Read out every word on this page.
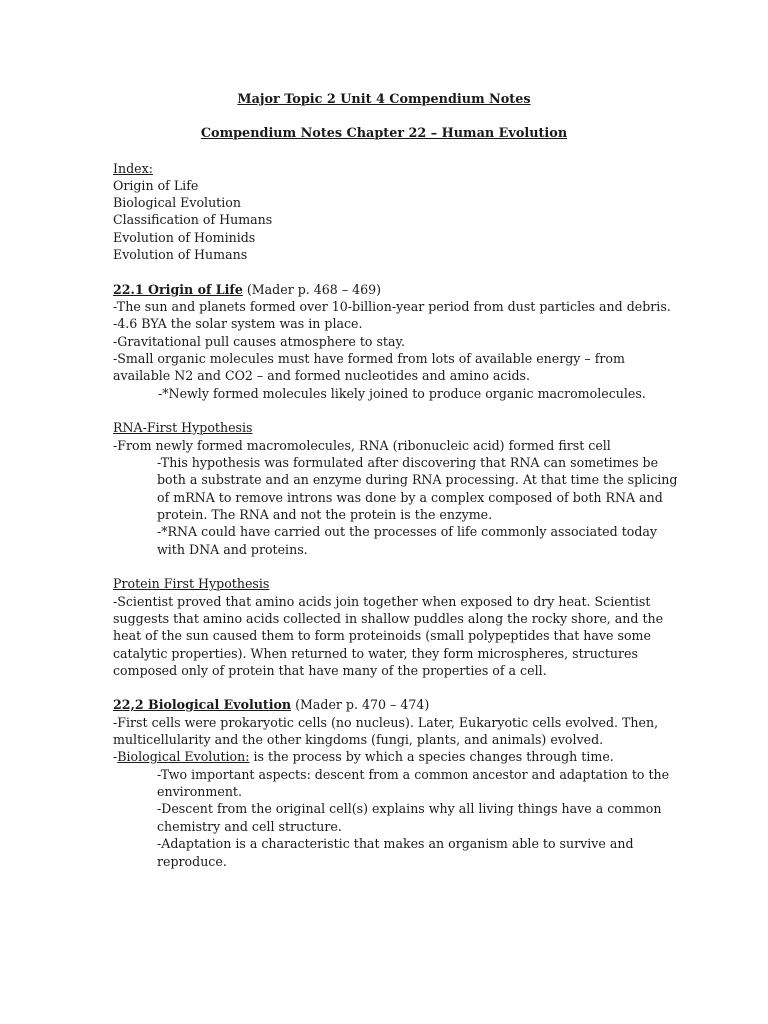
Major Topic 2 Unit 4 Compendium Notes
Compendium Notes Chapter 22 – Human Evolution
Index:
Origin of Life
Biological Evolution
Classification of Humans
Evolution of Hominids
Evolution of Humans
22.1 Origin of Life (Mader p. 468 – 469)
-The sun and planets formed over 10-billion-year period from dust particles and debris.
-4.6 BYA the solar system was in place.
-Gravitational pull causes atmosphere to stay.
-Small organic molecules must have formed from lots of available energy – from
available N2 and CO2 – and formed nucleotides and amino acids.
-*Newly formed molecules likely joined to produce organic macromolecules.
RNA-First Hypothesis
-From newly formed macromolecules, RNA (ribonucleic acid) formed first cell
-This hypothesis was formulated after discovering that RNA can sometimes be
both a substrate and an enzyme during RNA processing. At that time the splicing
of mRNA to remove introns was done by a complex composed of both RNA and
protein. The RNA and not the protein is the enzyme.
-*RNA could have carried out the processes of life commonly associated today
with DNA and proteins.
Protein First Hypothesis
-Scientist proved that amino acids join together when exposed to dry heat. Scientist
suggests that amino acids collected in shallow puddles along the rocky shore, and the
heat of the sun caused them to form proteinoids (small polypeptides that have some
catalytic properties). When returned to water, they form microspheres, structures
composed only of protein that have many of the properties of a cell.
22,2 Biological Evolution (Mader p. 470 – 474)
-First cells were prokaryotic cells (no nucleus). Later, Eukaryotic cells evolved. Then,
multicellularity and the other kingdoms (fungi, plants, and animals) evolved.
-Biological Evolution: is the process by which a species changes through time.
-Two important aspects: descent from a common ancestor and adaptation to the
environment.
-Descent from the original cell(s) explains why all living things have a common
chemistry and cell structure.
-Adaptation is a characteristic that makes an organism able to survive and
reproduce.
